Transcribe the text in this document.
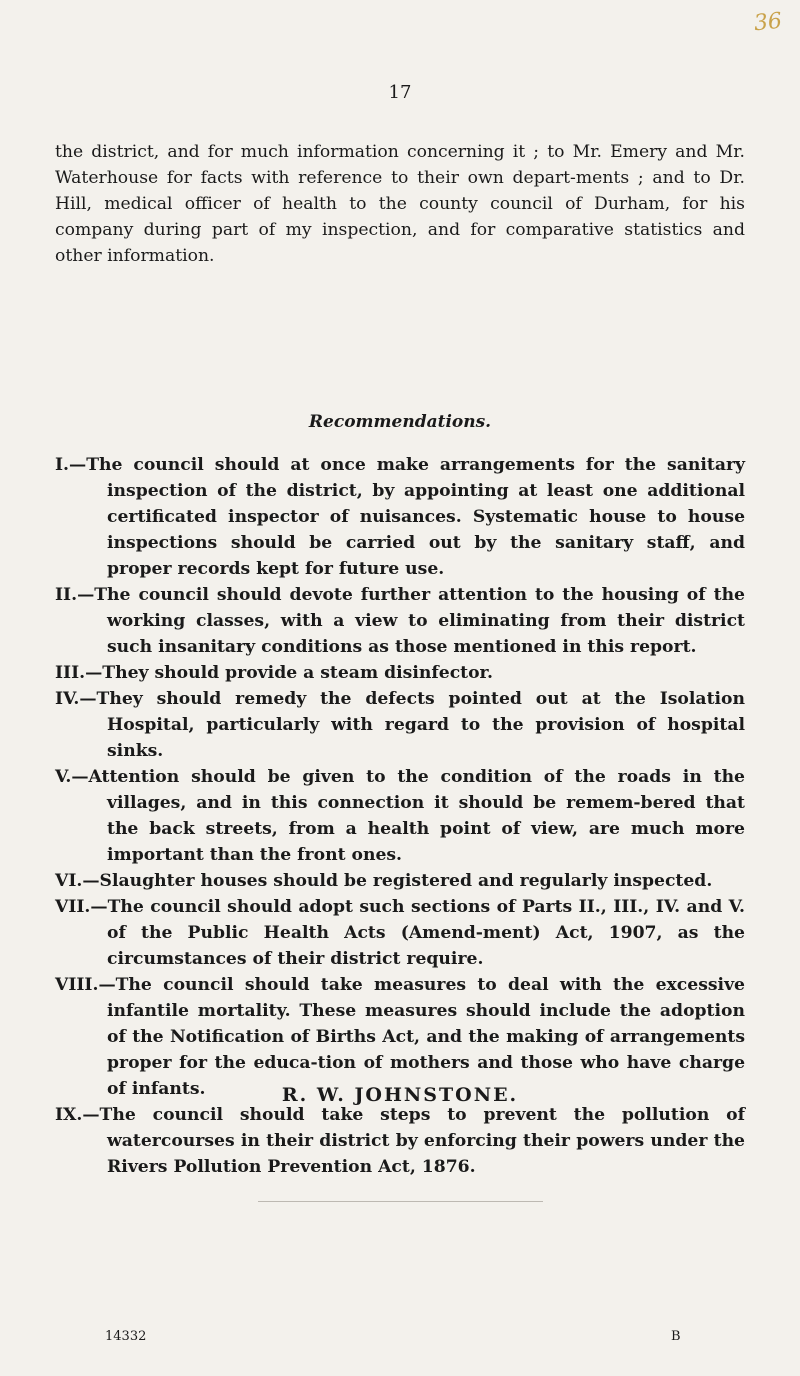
36
17

the district, and for much information concerning it ; to Mr. Emery and Mr. Waterhouse for facts with reference to their own depart-ments ; and to Dr. Hill, medical officer of health to the county council of Durham, for his company during part of my inspection, and for comparative statistics and other information.

Recommendations.
I.—The council should at once make arrangements for the sanitary inspection of the district, by appointing at least one additional certificated inspector of nuisances. Systematic house to house inspections should be carried out by the sanitary staff, and proper records kept for future use.
II.—The council should devote further attention to the housing of the working classes, with a view to eliminating from their district such insanitary conditions as those mentioned in this report.
III.—They should provide a steam disinfector.
IV.—They should remedy the defects pointed out at the Isolation Hospital, particularly with regard to the provision of hospital sinks.
V.—Attention should be given to the condition of the roads in the villages, and in this connection it should be remem-bered that the back streets, from a health point of view, are much more important than the front ones.
VI.—Slaughter houses should be registered and regularly inspected.
VII.—The council should adopt such sections of Parts II., III., IV. and V. of the Public Health Acts (Amend-ment) Act, 1907, as the circumstances of their district require.
VIII.—The council should take measures to deal with the excessive infantile mortality. These measures should include the adoption of the Notification of Births Act, and the making of arrangements proper for the educa-tion of mothers and those who have charge of infants.
IX.—The council should take steps to prevent the pollution of watercourses in their district by enforcing their powers under the Rivers Pollution Prevention Act, 1876.
R. W. JOHNSTONE.
14332	B
